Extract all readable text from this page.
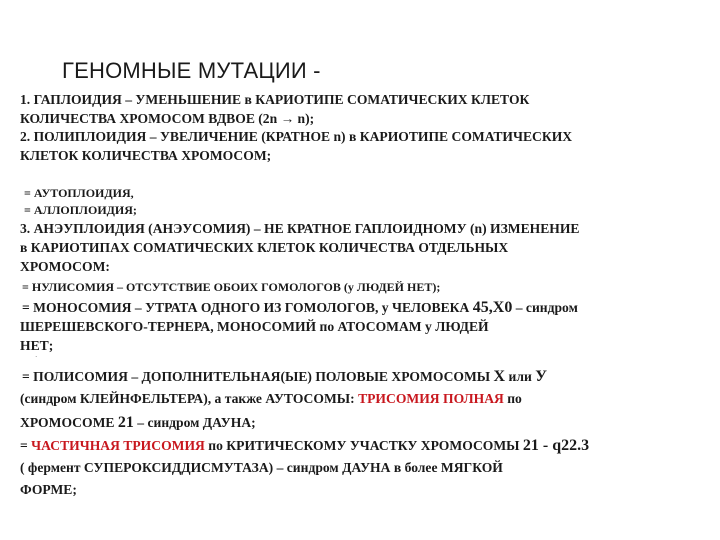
ГЕНОМНЫЕ МУТАЦИИ -
1. ГАПЛОИДИЯ – УМЕНЬШЕНИЕ в КАРИОТИПЕ СОМАТИЧЕСКИХ КЛЕТОК
КОЛИЧЕСТВА ХРОМОСОМ ВДВОЕ (2n → n);
2. ПОЛИПЛОИДИЯ – УВЕЛИЧЕНИЕ (КРАТНОЕ n) в КАРИОТИПЕ СОМАТИЧЕСКИХ
КЛЕТОК КОЛИЧЕСТВА ХРОМОСОМ;
= АУТОПЛОИДИЯ,
= АЛЛОПЛОИДИЯ;
3. АНЭУПЛОИДИЯ (АНЭУСОМИЯ) – НЕ КРАТНОЕ ГАПЛОИДНОМУ (n) ИЗМЕНЕНИЕ
в КАРИОТИПАХ СОМАТИЧЕСКИХ КЛЕТОК КОЛИЧЕСТВА ОТДЕЛЬНЫХ
ХРОМОСОМ:
= НУЛИСОМИЯ – ОТСУТСТВИЕ ОБОИХ ГОМОЛОГОВ (у ЛЮДЕЙ НЕТ);
= МОНОСОМИЯ – УТРАТА ОДНОГО ИЗ ГОМОЛОГОВ, у ЧЕЛОВЕКА 45,Х0 – синдром
ШЕРЕШЕВСКОГО-ТЕРНЕРА, МОНОСОМИЙ по АТОСОМАМ у ЛЮДЕЙ
НЕТ;
·
= ПОЛИСОМИЯ – ДОПОЛНИТЕЛЬНАЯ(ЫЕ) ПОЛОВЫЕ ХРОМОСОМЫ Х или У
(синдром КЛЕЙНФЕЛЬТЕРА), а также АУТОСОМЫ: ТРИСОМИЯ ПОЛНАЯ по
ХРОМОСОМЕ 21 – синдром ДАУНА;
= ЧАСТИЧНАЯ ТРИСОМИЯ по КРИТИЧЕСКОМУ УЧАСТКУ ХРОМОСОМЫ 21 - q22.3
( фермент СУПЕРОКСИДДИСМУТАЗА) – синдром ДАУНА в более МЯГКОЙ
ФОРМЕ;
